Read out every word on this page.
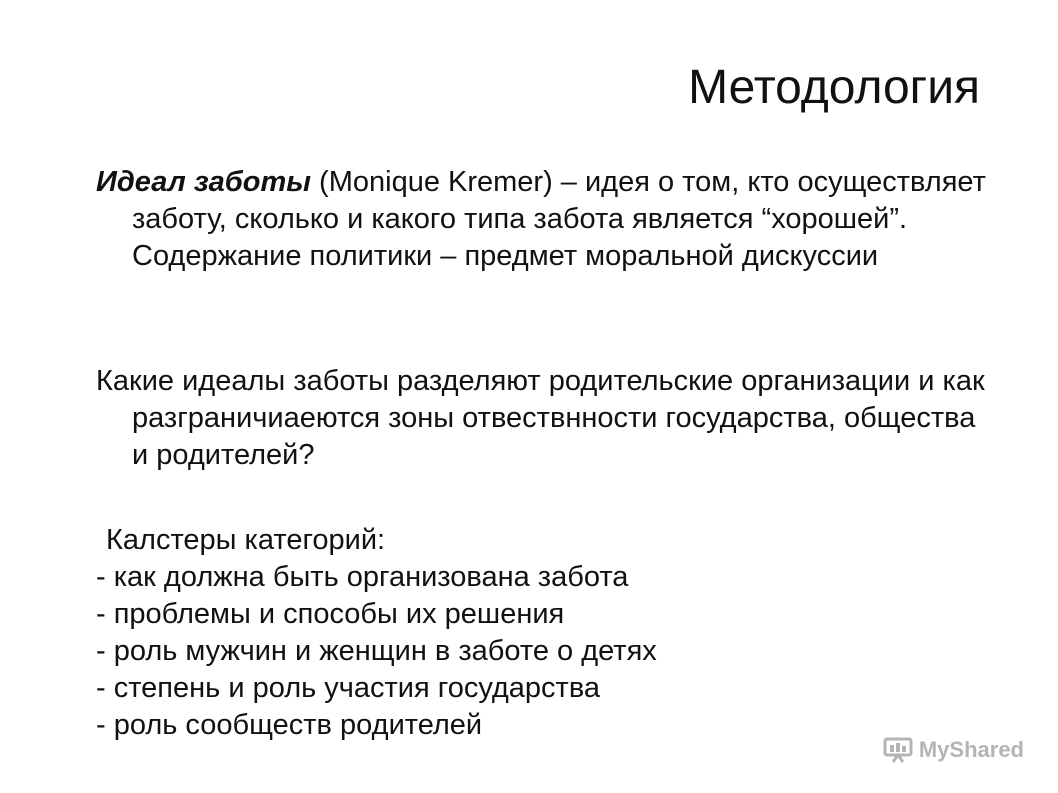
Методология

Идеал заботы (Monique Kremer) – идея о том, кто осуществляет заботу, сколько и какого типа забота является “хорошей”. Содержание политики – предмет моральной дискуссии

Какие идеалы заботы разделяют родительские организации и как разграничиаеются зоны отвествнности государства, общества и родителей?

Калстеры категорий:

- как должна быть организована забота
- проблемы и способы их решения
- роль мужчин и женщин в заботе о детях
- степень и роль участия государства
- роль сообществ родителей
MyShared
